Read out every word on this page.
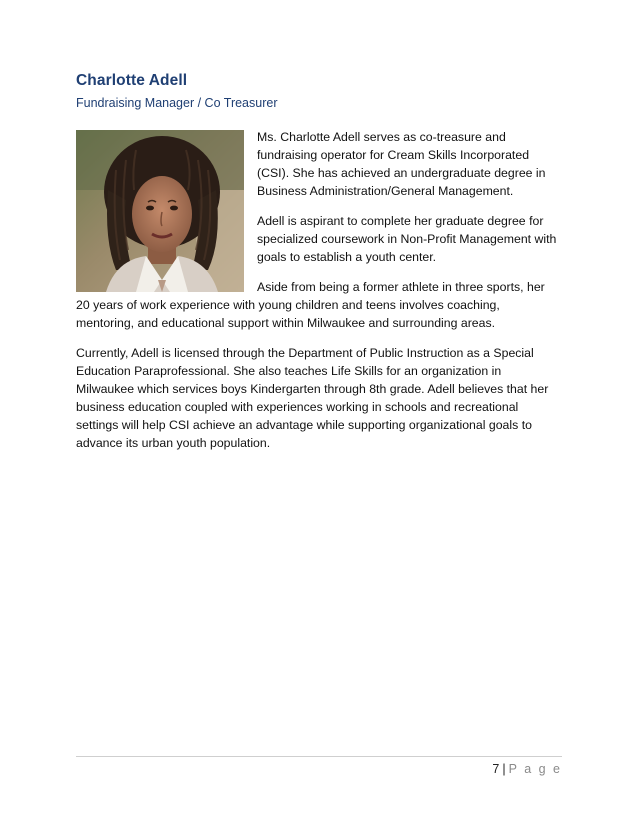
Charlotte Adell
Fundraising Manager / Co Treasurer
Ms. Charlotte Adell serves as co-treasure and
fundraising operator for Cream Skills Incorporated
(CSI). She has achieved an undergraduate degree in
Business Administration/General Management.
Adell is aspirant to complete her graduate degree for
specialized coursework in Non-Profit Management with
goals to establish a youth center.
Aside from being a former athlete in three sports, her
20 years of work experience with young children and teens involves coaching,
mentoring, and educational support within Milwaukee and surrounding areas.
Currently, Adell is licensed through the Department of Public Instruction as a Special
Education Paraprofessional. She also teaches Life Skills for an organization in
Milwaukee which services boys Kindergarten through 8th grade. Adell believes that her
business education coupled with experiences working in schools and recreational
settings will help CSI achieve an advantage while supporting organizational goals to
advance its urban youth population.
7 | P a g e
